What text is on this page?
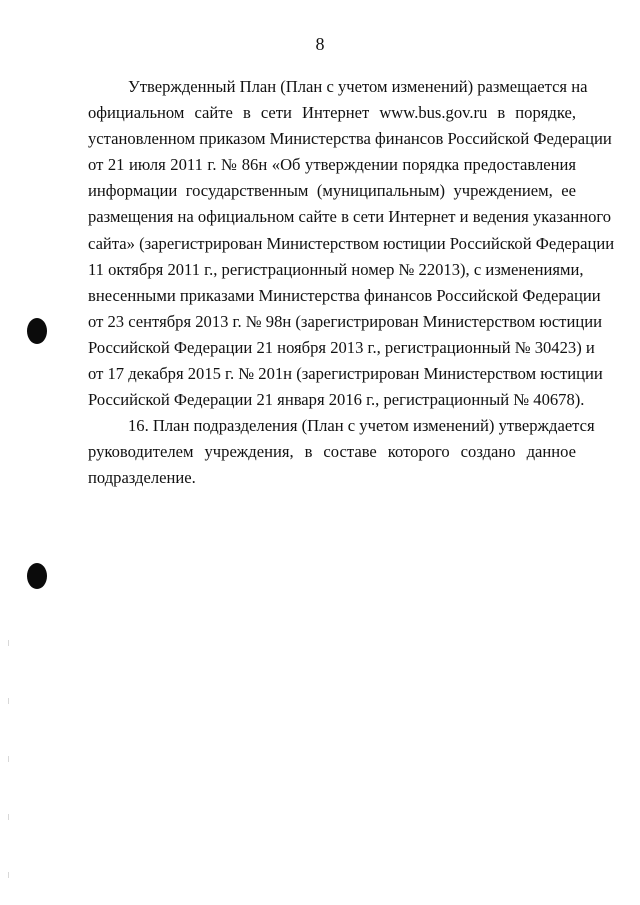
8
Утвержденный План (План с учетом изменений) размещается на
официальном сайте в сети Интернет www.bus.gov.ru в порядке,
установленном приказом Министерства финансов Российской Федерации
от 21 июля 2011 г. № 86н «Об утверждении порядка предоставления
информации государственным (муниципальным) учреждением, ее
размещения на официальном сайте в сети Интернет и ведения указанного
сайта» (зарегистрирован Министерством юстиции Российской Федерации
11 октября 2011 г., регистрационный номер № 22013), с изменениями,
внесенными приказами Министерства финансов Российской Федерации
от 23 сентября 2013 г. № 98н (зарегистрирован Министерством юстиции
Российской Федерации 21 ноября 2013 г., регистрационный № 30423) и
от 17 декабря 2015 г. № 201н (зарегистрирован Министерством юстиции
Российской Федерации 21 января 2016 г., регистрационный № 40678).
16. План подразделения (План с учетом изменений) утверждается
руководителем учреждения, в составе которого создано данное
подразделение.
